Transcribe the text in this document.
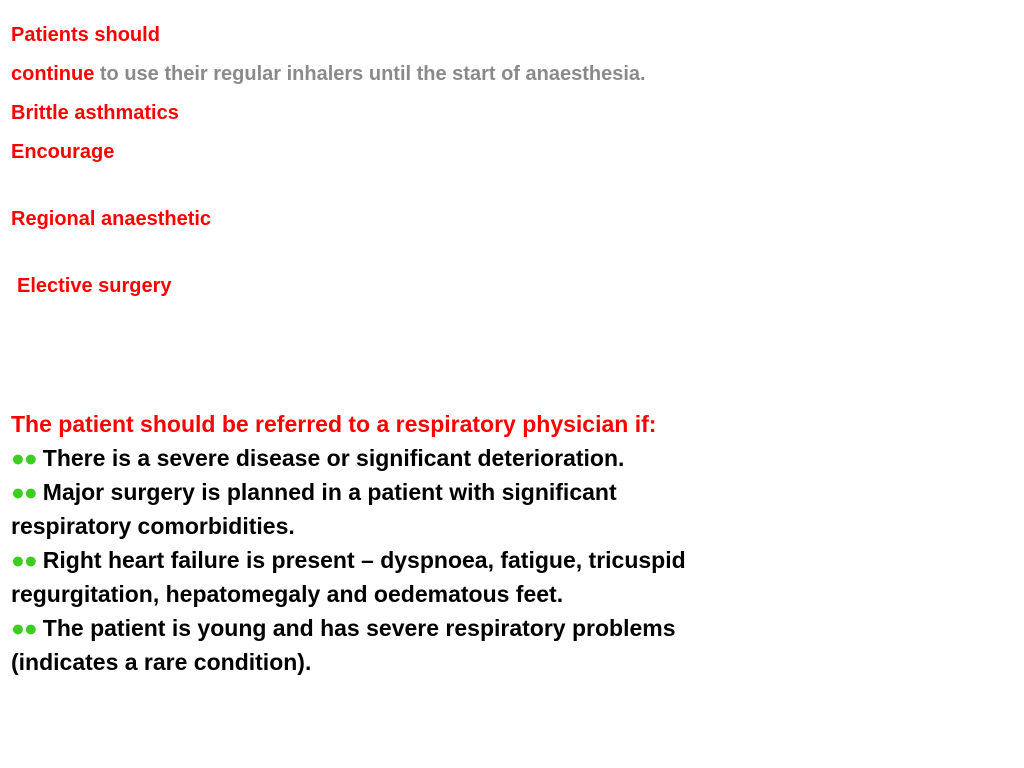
Patients should
continue to use their regular inhalers until the start of anaesthesia.
Brittle asthmatics
Encourage
Regional anaesthetic
Elective surgery
The patient should be referred to a respiratory physician if:
●● There is a severe disease or significant deterioration.
●● Major surgery is planned in a patient with significant
respiratory comorbidities.
●● Right heart failure is present – dyspnoea, fatigue, tricuspid
regurgitation, hepatomegaly and oedematous feet.
●● The patient is young and has severe respiratory problems
(indicates a rare condition).
